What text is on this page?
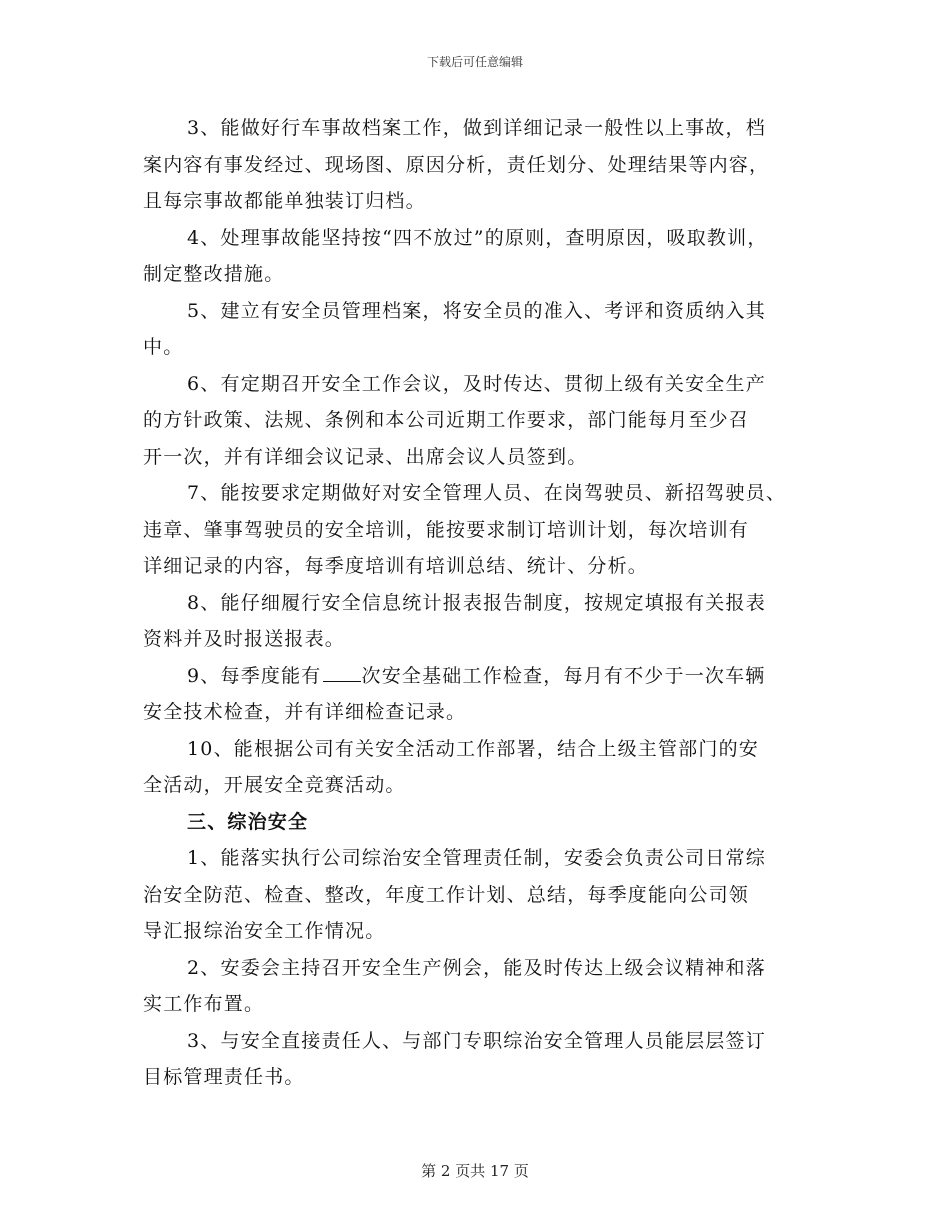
下载后可任意编辑
3、能做好行车事故档案工作，做到详细记录一般性以上事故，档
案内容有事发经过、现场图、原因分析，责任划分、处理结果等内容，
且每宗事故都能单独装订归档。
4、处理事故能坚持按“四不放过”的原则，查明原因，吸取教训，
制定整改措施。
5、建立有安全员管理档案，将安全员的准入、考评和资质纳入其
中。
6、有定期召开安全工作会议，及时传达、贯彻上级有关安全生产
的方针政策、法规、条例和本公司近期工作要求，部门能每月至少召
开一次，并有详细会议记录、出席会议人员签到。
7、能按要求定期做好对安全管理人员、在岗驾驶员、新招驾驶员、
违章、肇事驾驶员的安全培训，能按要求制订培训计划，每次培训有
详细记录的内容，每季度培训有培训总结、统计、分析。
8、能仔细履行安全信息统计报表报告制度，按规定填报有关报表
资料并及时报送报表。
9、每季度能有 次安全基础工作检查，每月有不少于一次车辆
安全技术检查，并有详细检查记录。
10、能根据公司有关安全活动工作部署，结合上级主管部门的安
全活动，开展安全竞赛活动。
三、综治安全
1、能落实执行公司综治安全管理责任制，安委会负责公司日常综
治安全防范、检查、整改，年度工作计划、总结，每季度能向公司领
导汇报综治安全工作情况。
2、安委会主持召开安全生产例会，能及时传达上级会议精神和落
实工作布置。
3、与安全直接责任人、与部门专职综治安全管理人员能层层签订
目标管理责任书。
第 2 页共 17 页
